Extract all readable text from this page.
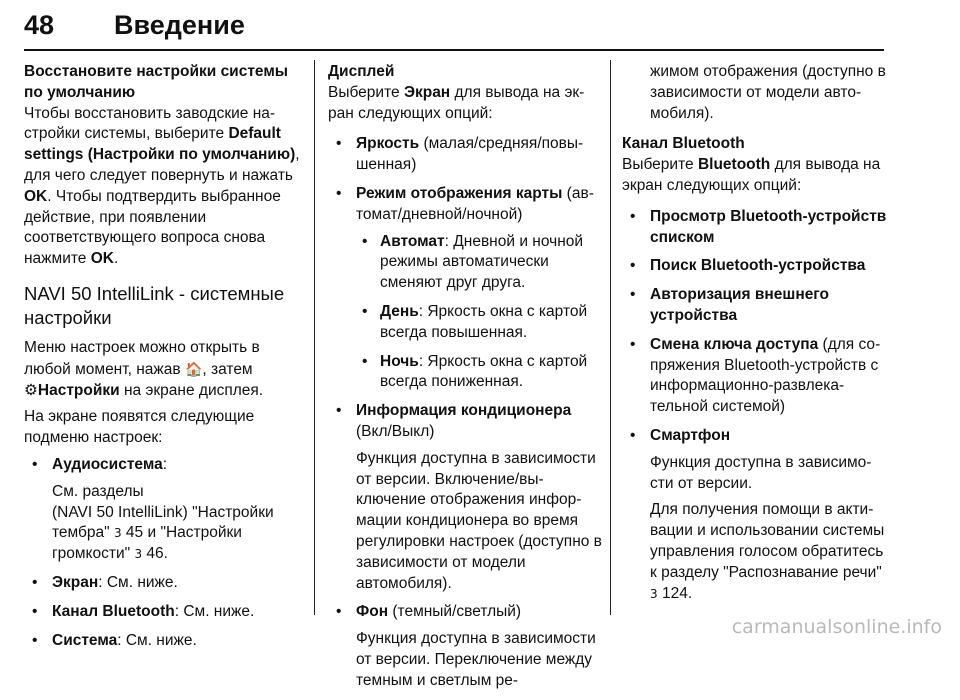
48 Введение

Восстановите настройки системы по умолчанию

Чтобы восстановить заводские настройки системы, выберите Default settings (Настройки по умолчанию), для чего следует повернуть и нажать OK. Чтобы подтвердить выбранное действие, при появлении соответствующего вопроса снова нажмите OK.

NAVI 50 IntelliLink - системные настройки

Меню настроек можно открыть в любой момент, нажав 🏠, затем
⚙Настройки на экране дисплея.

На экране появятся следующие подменю настроек:

• Аудиосистема:
См. разделы
(NAVI 50 IntelliLink) "Настройки тембра" 3 45 и "Настройки громкости" 3 46.
• Экран: См. ниже.
• Канал Bluetooth: См. ниже.
• Система: См. ниже.

Дисплей

Выберите Экран для вывода на экран следующих опций:

• Яркость (малая/средняя/повышенная)
• Режим отображения карты (автомат/дневной/ночной)
• Автомат: Дневной и ночной режимы автоматически сменяют друг друга.
• День: Яркость окна с картой всегда повышенная.
• Ночь: Яркость окна с картой всегда пониженная.
• Информация кондиционера
(Вкл/Выкл)
Функция доступна в зависимости от версии. Включение/выключение отображения информации кондиционера во время регулировки настроек (доступно в зависимости от модели автомобиля).
• Фон (темный/светлый)
Функция доступна в зависимости от версии. Переключение между темным и светлым ре-

жимом отображения (доступно в зависимости от модели автомобиля).

Канал Bluetooth

Выберите Bluetooth для вывода на экран следующих опций:

• Просмотр Bluetooth-устройств списком
• Поиск Bluetooth-устройства
• Авторизация внешнего устройства
• Смена ключа доступа (для сопряжения Bluetooth-устройств с информационно-развлекательной системой)
• Смартфон
Функция доступна в зависимости от версии.
Для получения помощи в активации и использовании системы управления голосом обратитесь к разделу "Распознавание речи" 3 124.
carmanualsonline.info
